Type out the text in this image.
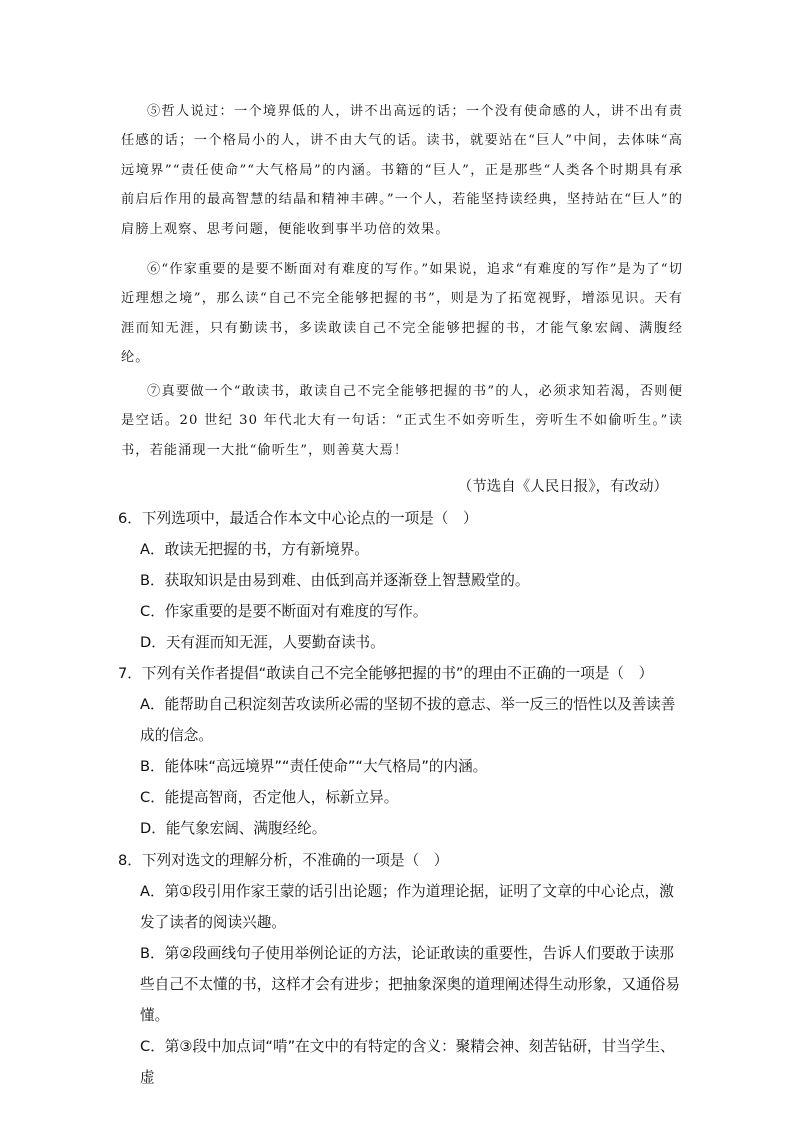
⑤哲人说过：一个境界低的人，讲不出高远的话；一个没有使命感的人，讲不出有责任感的话；一个格局小的人，讲不由大气的话。读书，就要站在“巨人”中间，去体味“高远境界”“责任使命”“大气格局”的内涵。书籍的“巨人”，正是那些“人类各个时期具有承前启后作用的最高智慧的结晶和精神丰碑。”一个人，若能坚持读经典，坚持站在“巨人”的肩膀上观察、思考问题，便能收到事半功倍的效果。
⑥“作家重要的是要不断面对有难度的写作。”如果说，追求“有难度的写作”是为了“切近理想之境”，那么读“自己不完全能够把握的书”，则是为了拓宽视野，增添见识。天有涯而知无涯，只有勤读书，多读敢读自己不完全能够把握的书，才能气象宏阔、满腹经纶。
⑦真要做一个“敢读书，敢读自己不完全能够把握的书”的人，必须求知若渴，否则便是空话。20 世纪 30 年代北大有一句话：“正式生不如旁听生，旁听生不如偷听生。”读书，若能涌现一大批“偷听生”，则善莫大焉！
（节选自《人民日报》，有改动）
6．下列选项中，最适合作本文中心论点的一项是（　）
A．敢读无把握的书，方有新境界。
B．获取知识是由易到难、由低到高并逐渐登上智慧殿堂的。
C．作家重要的是要不断面对有难度的写作。
D．天有涯而知无涯，人要勤奋读书。
7．下列有关作者提倡“敢读自己不完全能够把握的书”的理由不正确的一项是（　）
A．能帮助自己积淀刻苦攻读所必需的坚韧不拔的意志、举一反三的悟性以及善读善成的信念。
B．能体味“高远境界”“责任使命”“大气格局”的内涵。
C．能提高智商，否定他人，标新立异。
D．能气象宏阔、满腹经纶。
8．下列对选文的理解分析，不准确的一项是（　）
A．第①段引用作家王蒙的话引出论题；作为道理论据，证明了文章的中心论点，激发了读者的阅读兴趣。
B．第②段画线句子使用举例论证的方法，论证敢读的重要性，告诉人们要敢于读那些自己不太懂的书，这样才会有进步；把抽象深奥的道理阐述得生动形象，又通俗易懂。
C．第③段中加点词“啃”在文中的有特定的含义：聚精会神、刻苦钻研，甘当学生、虚
